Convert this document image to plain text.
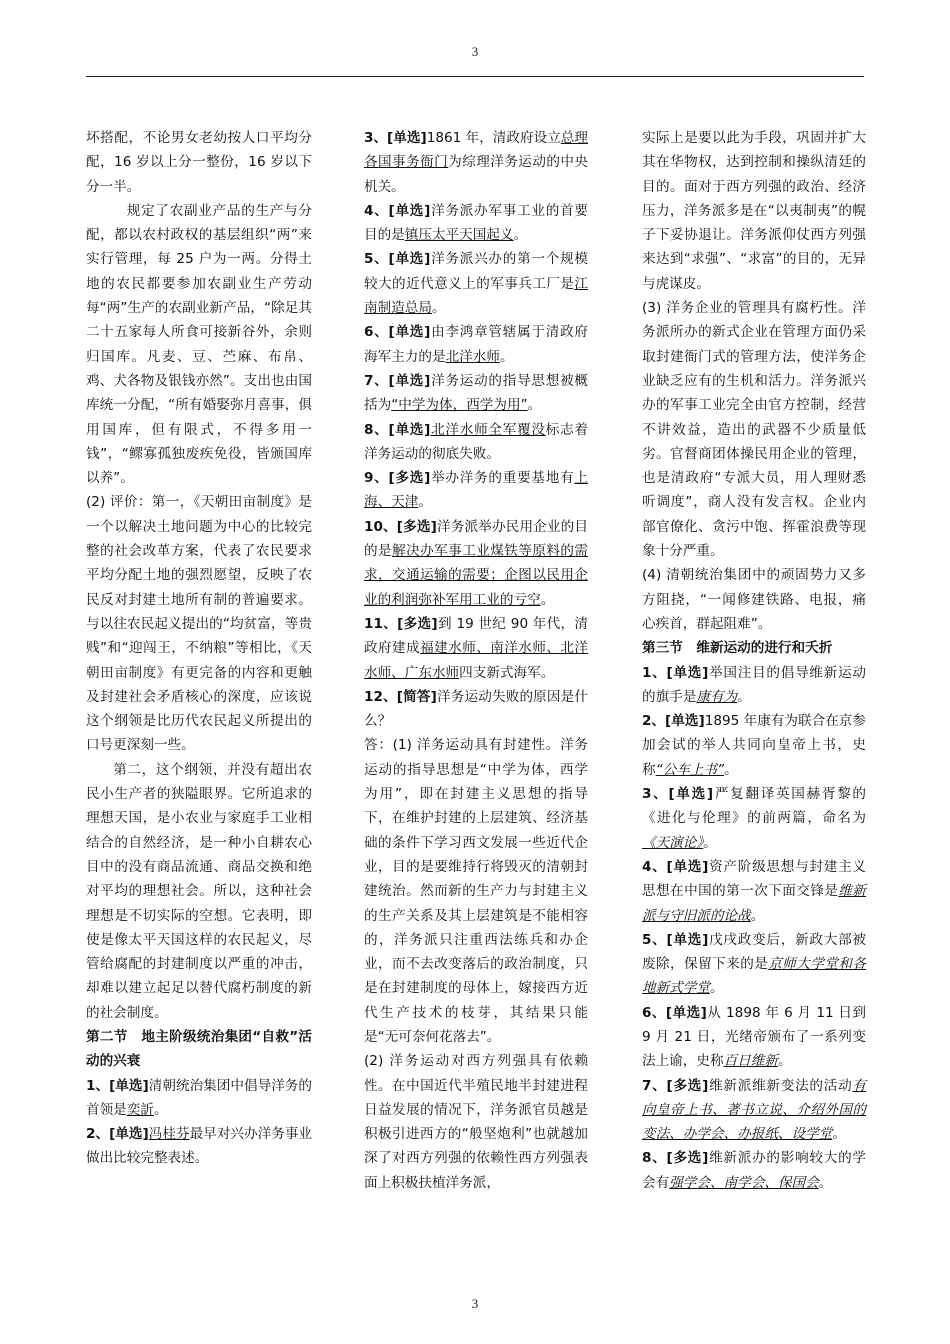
3

坏搭配，不论男女老幼按人口平均分配，16 岁以上分一整份，16 岁以下分一半。

规定了农副业产品的生产与分配，都以农村政权的基层组织“两”来实行管理，每 25 户为一两。分得土地的农民都要参加农副业生产劳动每“两”生产的农副业新产品，“除足其二十五家每人所食可接新谷外，余则归国库。凡麦、豆、苎麻、布帛、鸡、犬各物及银钱亦然”。支出也由国库统一分配，“所有婚娶弥月喜事，俱用国库，但有限式，不得多用一钱”，“鳏寡孤独废疾免役，皆颁国库以养”。

(2) 评价：第一，《天朝田亩制度》是一个以解决土地问题为中心的比较完整的社会改革方案，代表了农民要求平均分配土地的强烈愿望，反映了农民反对封建土地所有制的普遍要求。与以往农民起义提出的“均贫富，等贵贱”和“迎闯王，不纳粮”等相比，《天朝田亩制度》有更完备的内容和更触及封建社会矛盾核心的深度，应该说这个纲领是比历代农民起义所提出的口号更深刻一些。

第二，这个纲领，并没有超出农民小生产者的狭隘眼界。它所追求的理想天国，是小农业与家庭手工业相结合的自然经济，是一种小自耕农心目中的没有商品流通、商品交换和绝对平均的理想社会。所以，这种社会理想是不切实际的空想。它表明，即使是像太平天国这样的农民起义，尽管给腐配的封建制度以严重的冲击，却难以建立起足以替代腐朽制度的新的社会制度。

第二节　地主阶级统治集团“自救”活动的兴衰

1、[单选]清朝统治集团中倡导洋务的首领是奕訢。

2、[单选]冯桂芬最早对兴办洋务事业做出比较完整表述。

3、[单选]1861 年，清政府设立总理各国事务衙门为综理洋务运动的中央机关。

4、[单选]洋务派办军事工业的首要目的是镇压太平天国起义。

5、[单选]洋务派兴办的第一个规模较大的近代意义上的军事兵工厂是江南制造总局。

6、[单选]由李鸿章管辖属于清政府海军主力的是北洋水师。

7、[单选]洋务运动的指导思想被概括为“中学为体，西学为用”。

8、[单选]北洋水师全军覆没标志着洋务运动的彻底失败。

9、[多选]举办洋务的重要基地有上海、天津。

10、[多选]洋务派举办民用企业的目的是解决办军事工业煤铁等原料的需求，交通运输的需要；企图以民用企业的利润弥补军用工业的亏空。

11、[多选]到 19 世纪 90 年代，清政府建成福建水师、南洋水师、北洋水师、广东水师四支新式海军。

12、[简答]洋务运动失败的原因是什么？

答：(1) 洋务运动具有封建性。洋务运动的指导思想是“中学为体，西学为用”，即在封建主义思想的指导下，在维护封建的上层建筑、经济基础的条件下学习西文发展一些近代企业，目的是要维持行将毁灭的清朝封建统治。然而新的生产力与封建主义的生产关系及其上层建筑是不能相容的，洋务派只注重西法练兵和办企业，而不去改变落后的政治制度，只是在封建制度的母体上，嫁接西方近代生产技术的枝芽，其结果只能是“无可奈何花落去”。

(2) 洋务运动对西方列强具有依赖性。在中国近代半殖民地半封建进程日益发展的情况下，洋务派官员越是积极引进西方的“般坚炮利”也就越加深了对西方列强的依赖性西方列强表面上积极扶植洋务派，

实际上是要以此为手段，巩固并扩大其在华物权，达到控制和操纵清廷的目的。面对于西方列强的政治、经济压力，洋务派多是在“以夷制夷”的幌子下妥协退让。洋务派仰仗西方列强来达到“求强”、“求富”的目的，无异与虎谋皮。

(3) 洋务企业的管理具有腐朽性。洋务派所办的新式企业在管理方面仍采取封建衙门式的管理方法，使洋务企业缺乏应有的生机和活力。洋务派兴办的军事工业完全由官方控制，经营不讲效益，造出的武器不少质量低劣。官督商团体操民用企业的管理，也是清政府“专派大员，用人理财悉听调度”，商人没有发言权。企业内部官僚化、贪污中饱、挥霍浪费等现象十分严重。

(4) 清朝统治集团中的顽固势力又多方阻挠，“一闻修建铁路、电报，痛心疾首，群起阻难”。

第三节　维新运动的进行和夭折

1、[单选]举国注目的倡导维新运动的旗手是康有为。

2、[单选]1895 年康有为联合在京参加会试的举人共同向皇帝上书，史称“公车上书”。

3、[单选]严复翻译英国赫胥黎的《进化与伦理》的前两篇，命名为《天演论》。

4、[单选]资产阶级思想与封建主义思想在中国的第一次下面交锋是维新派与守旧派的论战。

5、[单选]戊戌政变后，新政大部被废除，保留下来的是京师大学堂和各地新式学堂。

6、[单选]从 1898 年 6 月 11 日到 9 月 21 日，光绪帝颁布了一系列变法上谕，史称百日维新。

7、[多选]维新派维新变法的活动有向皇帝上书、著书立说、介绍外国的变法、办学会、办报纸、设学堂。

8、[多选]维新派办的影响较大的学会有强学会、南学会、保国会。

3
